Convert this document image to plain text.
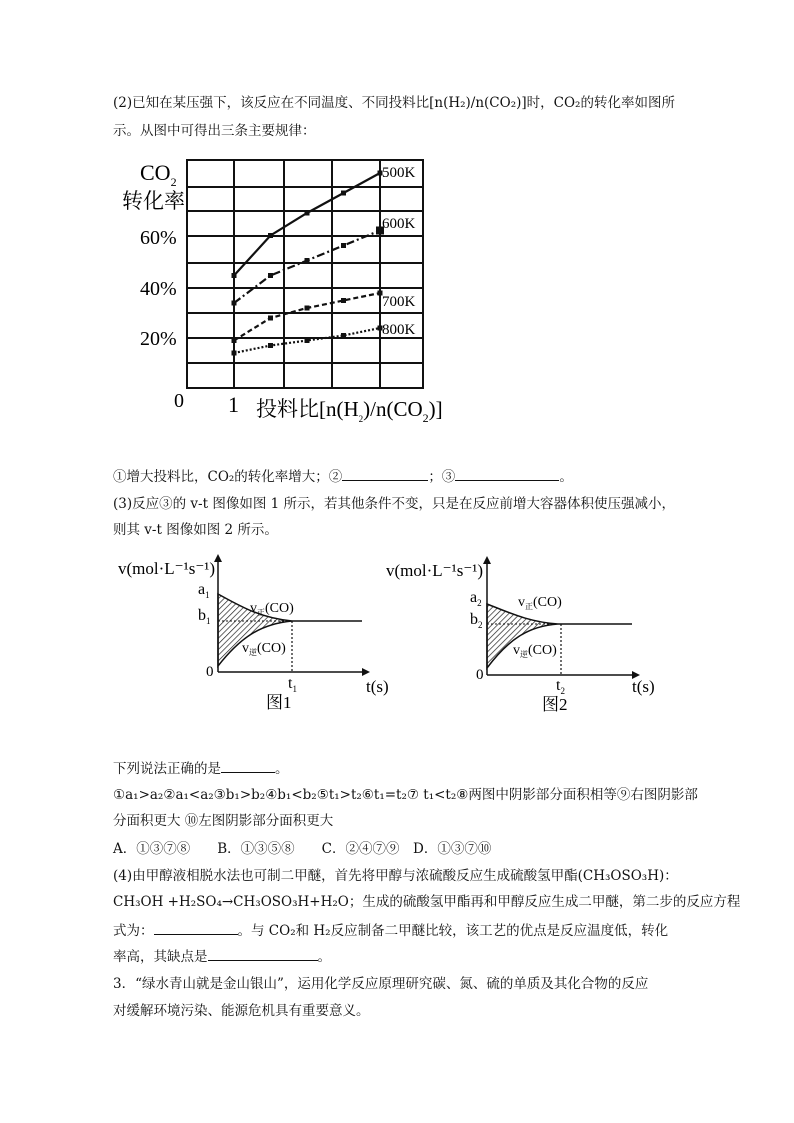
(2)已知在某压强下，该反应在不同温度、不同投料比[n(H₂)/n(CO₂)]时，CO₂的转化率如图所
示。从图中可得出三条主要规律：
$CO_2$
转化率
60%
40%
20%
0 1 投料比$[n(H_2)/n(CO_2)]$
500K
600K
700K
800K
①增大投料比，CO₂的转化率增大；②	；③	。
(3)反应③的 v-t 图像如图 1 所示，若其他条件不变，只是在反应前增大容器体积使压强减小，
则其 v-t 图像如图 2 所示。
v(mol·L⁻¹s⁻¹)
$a_1$
$b_1$
0
$v_正(CO)$
$v_逆(CO)$
$t_1$	t(s)
图1
v(mol·L⁻¹s⁻¹)
$a_2$
$b_2$
0
$v_正(CO)$
$v_逆(CO)$
$t_2$	t(s)
图2
下列说法正确的是	。
①a₁>a₂②a₁<a₂③b₁>b₂④b₁<b₂⑤t₁>t₂⑥t₁=t₂⑦ t₁<t₂⑧两图中阴影部分面积相等⑨右图阴影部
分面积更大 ⑩左图阴影部分面积更大
A．①③⑦⑧　　B．①③⑤⑧　　C．②④⑦⑨　D．①③⑦⑩
(4)由甲醇液相脱水法也可制二甲醚，首先将甲醇与浓硫酸反应生成硫酸氢甲酯(CH₃OSO₃H)：
CH₃OH +H₂SO₄→CH₃OSO₃H+H₂O；生成的硫酸氢甲酯再和甲醇反应生成二甲醚，第二步的反应方程
式为：	。与 CO₂和 H₂反应制备二甲醚比较，该工艺的优点是反应温度低，转化
率高，其缺点是	。
3．“绿水青山就是金山银山”，运用化学反应原理研究碳、氮、硫的单质及其化合物的反应
对缓解环境污染、能源危机具有重要意义。
